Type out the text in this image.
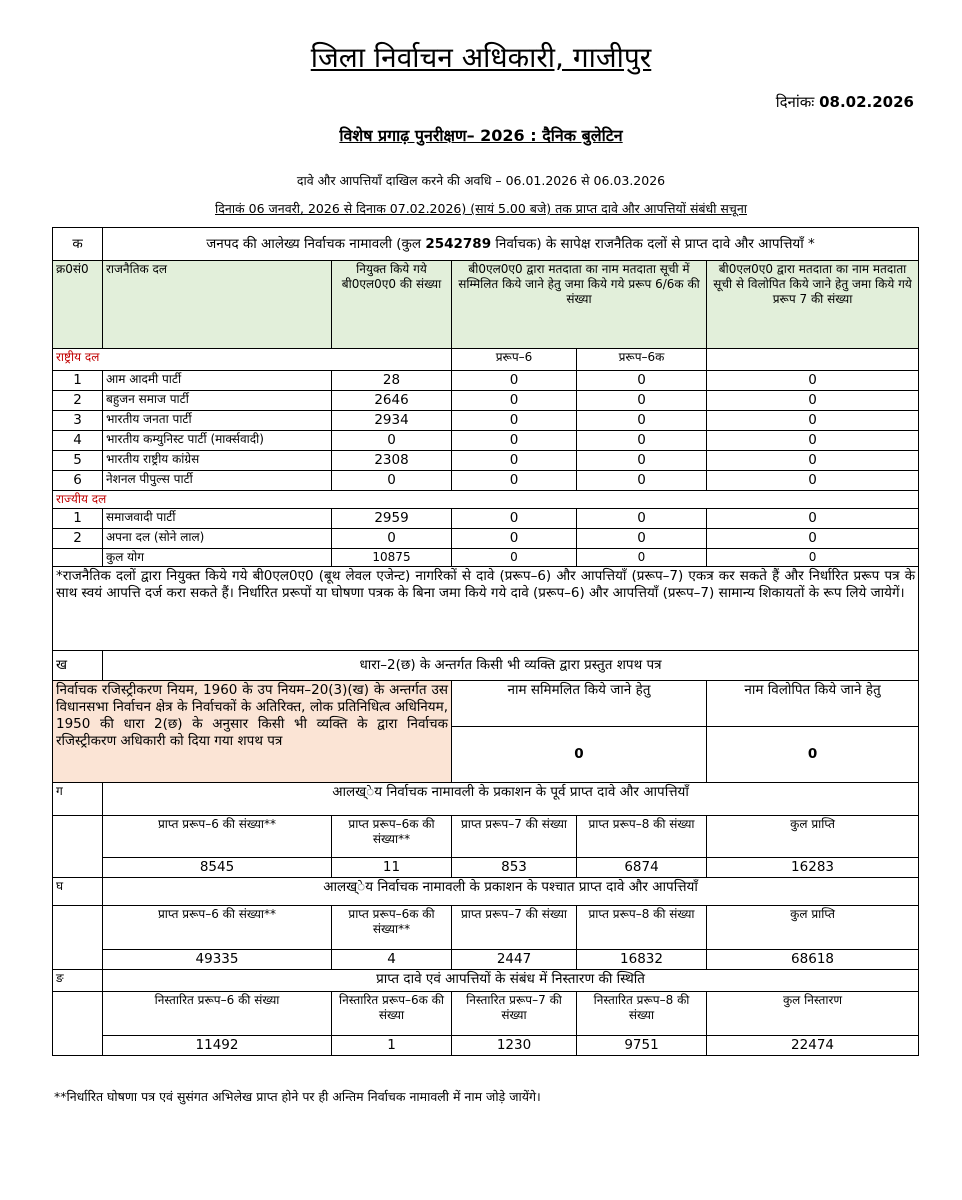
जिला निर्वाचन अधिकारी, गाजीपुर
दिनांकः 08.02.2026
विशेष प्रगाढ़ पुनरीक्षण– 2026 : दैनिक बुलेटिन
दावे और आपत्तियाँ दाखिल करने की अवधि – 06.01.2026 से 06.03.2026
दिनाकं 06 जनवरी, 2026 से दिनाक 07.02.2026) (सायं 5.00 बजे) तक प्राप्त दावे और आपत्तियों संबंधी सचूना
क	जनपद की आलेख्य निर्वाचक नामावली (कुल 2542789 निर्वाचक) के सापेक्ष राजनैतिक दलों से प्राप्त दावे और आपत्तियाँ *				
क्र0सं0	राजनैतिक दल	नियुक्त किये गये बी0एल0ए0 की संख्या	बी0एल0ए0 द्वारा मतदाता का नाम मतदाता सूची में सम्मिलित किये जाने हेतु जमा किये गये प्ररूप 6/6क की संख्या		बी0एल0ए0 द्वारा मतदाता का नाम मतदाता सूची से विलोपित किये जाने हेतु जमा किये गये प्ररूप 7 की संख्या
राष्ट्रीय दल			प्ररूप–6	प्ररूप–6क	
1	आम आदमी पार्टी	28	0	0	0
2	बहुजन समाज पार्टी	2646	0	0	0
3	भारतीय जनता पार्टी	2934	0	0	0
4	भारतीय कम्युनिस्ट पार्टी (मार्क्सवादी)	0	0	0	0
5	भारतीय राष्ट्रीय कांग्रेस	2308	0	0	0
6	नेशनल पीपुल्स पार्टी	0	0	0	0
राज्यीय दल					
1	समाजवादी पार्टी	2959	0	0	0
2	अपना दल (सोने लाल)	0	0	0	0
	कुल योग	10875	0	0	0
*राजनैतिक दलों द्वारा नियुक्त किये गये बी0एल0ए0 (बूथ लेवल एजेन्ट) नागरिकों से दावे (प्ररूप–6) और आपत्तियाँ (प्ररूप–7) एकत्र कर सकते हैं और निर्धारित प्ररूप पत्र के साथ स्वयं आपत्ति दर्ज करा सकते हैं। निर्धारित प्ररूपों या घोषणा पत्रक के बिना जमा किये गये दावे (प्ररूप–6) और आपत्तियाँ (प्ररूप–7) सामान्य शिकायतों के रूप लिये जायेगें।					
ख	धारा–2(छ) के अन्तर्गत किसी भी व्यक्ति द्वारा प्रस्तुत शपथ पत्र				
निर्वाचक रजिस्ट्रीकरण नियम, 1960 के उप नियम–20(3)(ख) के अन्तर्गत उस विधानसभा निर्वाचन क्षेत्र के निर्वाचकों के अतिरिक्त, लोक प्रतिनिधित्व अधिनियम, 1950 की धारा 2(छ) के अनुसार किसी भी व्यक्ति के द्वारा निर्वाचक रजिस्ट्रीकरण अधिकारी को दिया गया शपथ पत्र			नाम समिमलित किये जाने हेतु		नाम विलोपित किये जाने हेतु
			0		0
ग	आलख्ेय निर्वाचक नामावली के प्रकाशन के पूर्व प्राप्त दावे और आपत्तियाँ				
	प्राप्त प्ररूप–6 की संख्या**	प्राप्त प्ररूप–6क की संख्या**	प्राप्त प्ररूप–7 की संख्या	प्राप्त प्ररूप–8 की संख्या	कुल प्राप्ति
	8545	11	853	6874	16283
घ	आलख्ेय निर्वाचक नामावली के प्रकाशन के पश्चात प्राप्त दावे और आपत्तियाँ				
	प्राप्त प्ररूप–6 की संख्या**	प्राप्त प्ररूप–6क की संख्या**	प्राप्त प्ररूप–7 की संख्या	प्राप्त प्ररूप–8 की संख्या	कुल प्राप्ति
	49335	4	2447	16832	68618
ङ	प्राप्त दावे एवं आपत्तियों के संबंध में निस्तारण की स्थिति				
	निस्तारित प्ररूप–6 की संख्या	निस्तारित प्ररूप–6क की संख्या	निस्तारित प्ररूप–7 की संख्या	निस्तारित प्ररूप–8 की संख्या	कुल निस्तारण
	11492	1	1230	9751	22474
**निर्धारित घोषणा पत्र एवं सुसंगत अभिलेख प्राप्त होने पर ही अन्तिम निर्वाचक नामावली में नाम जोड़े जायेंगे।
